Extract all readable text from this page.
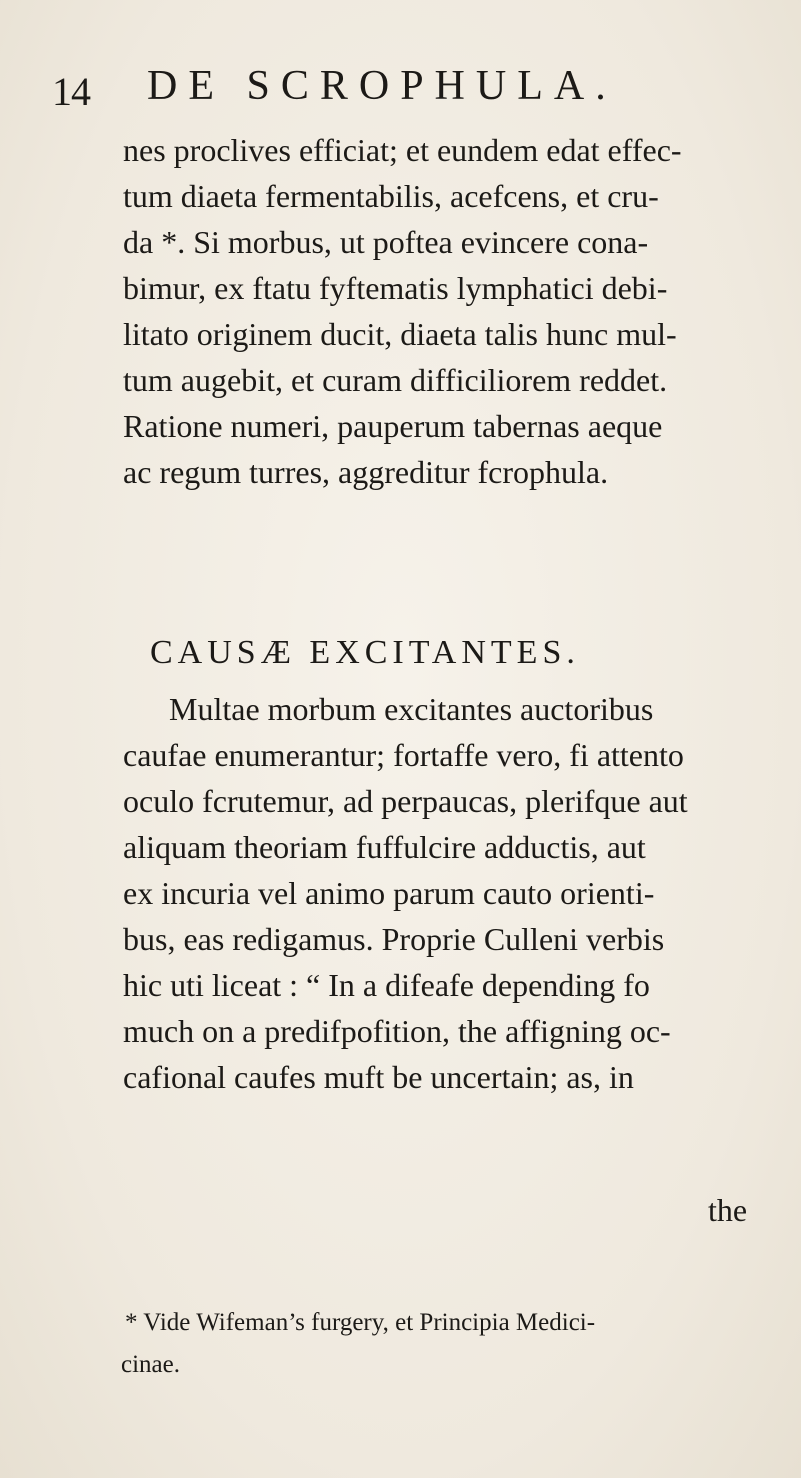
14 DE SCROPHULA.
nes proclives efficiat; et eundem edat effec-
tum diaeta fermentabilis, acefcens, et cru-
da *. Si morbus, ut poftea evincere cona-
bimur, ex ftatu fyftematis lymphatici debi-
litato originem ducit, diaeta talis hunc mul-
tum augebit, et curam difficiliorem reddet.
Ratione numeri, pauperum tabernas aeque
ac regum turres, aggreditur fcrophula.
CAUSÆ EXCITANTES.
Multae morbum excitantes auctoribus
caufae enumerantur; fortaffe vero, fi attento
oculo fcrutemur, ad perpaucas, plerifque aut
aliquam theoriam fuffulcire adductis, aut
ex incuria vel animo parum cauto orienti-
bus, eas redigamus. Proprie Culleni verbis
hic uti liceat : “ In a difeafe depending fo
much on a predifpofition, the affigning oc-
cafional caufes muft be uncertain; as, in
the
* Vide Wifeman’s furgery, et Principia Medici-
cinae.
